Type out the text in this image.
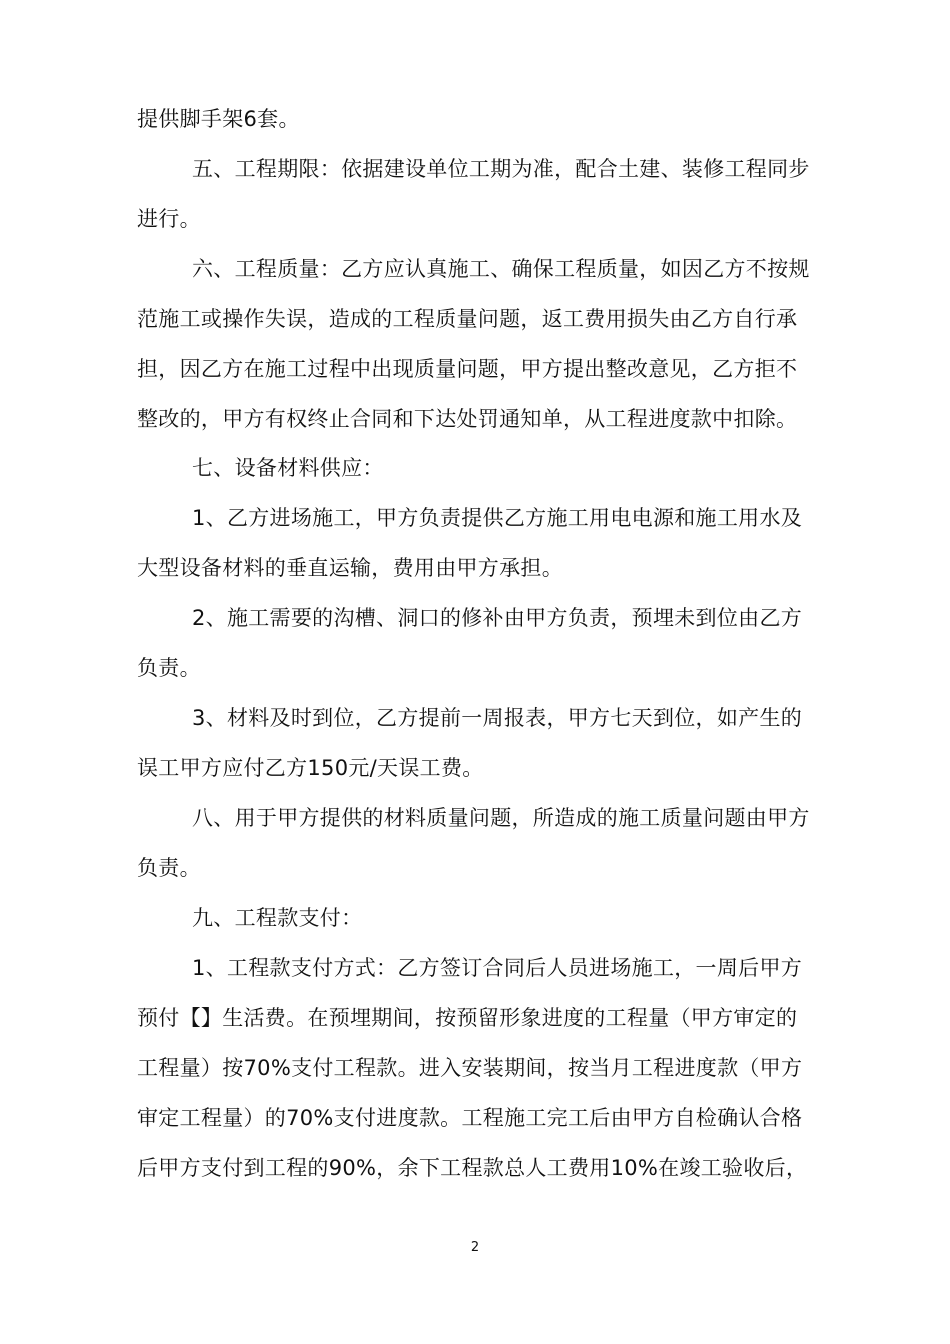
提供脚手架6套。
五、工程期限：依据建设单位工期为准，配合土建、装修工程同步
进行。
六、工程质量：乙方应认真施工、确保工程质量，如因乙方不按规
范施工或操作失误，造成的工程质量问题，返工费用损失由乙方自行承
担，因乙方在施工过程中出现质量问题，甲方提出整改意见，乙方拒不
整改的，甲方有权终止合同和下达处罚通知单，从工程进度款中扣除。
七、设备材料供应：
1、乙方进场施工，甲方负责提供乙方施工用电电源和施工用水及
大型设备材料的垂直运输，费用由甲方承担。
2、施工需要的沟槽、洞口的修补由甲方负责，预埋未到位由乙方
负责。
3、材料及时到位，乙方提前一周报表，甲方七天到位，如产生的
误工甲方应付乙方150元/天误工费。
八、用于甲方提供的材料质量问题，所造成的施工质量问题由甲方
负责。
九、工程款支付：
1、工程款支付方式：乙方签订合同后人员进场施工，一周后甲方
预付【】生活费。在预埋期间，按预留形象进度的工程量（甲方审定的
工程量）按70%支付工程款。进入安装期间，按当月工程进度款（甲方
审定工程量）的70%支付进度款。工程施工完工后由甲方自检确认合格
后甲方支付到工程的90%，余下工程款总人工费用10%在竣工验收后，
2
